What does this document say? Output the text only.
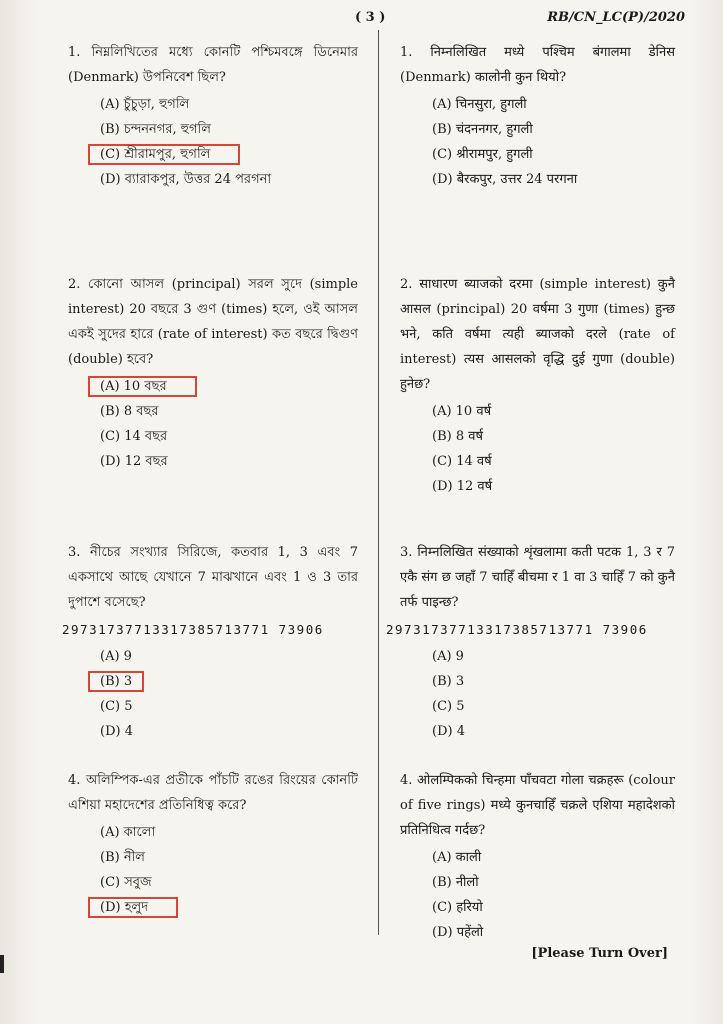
( 3 )	RB/CN_LC(P)/2020
1. নিম্নলিখিতের মধ্যে কোনটি পশ্চিমবঙ্গে ডিনেমার (Denmark) উপনিবেশ ছিল?
(A) চুঁচুড়া, হুগলি
(B) চন্দননগর, হুগলি
(C) শ্রীরামপুর, হুগলি
(D) ব্যারাকপুর, উত্তর 24 পরগনা
2. কোনো আসল (principal) সরল সুদে (simple interest) 20 বছরে 3 গুণ (times) হলে, ওই আসল একই সুদের হারে (rate of interest) কত বছরে দ্বিগুণ (double) হবে?
(A) 10 বছর
(B) 8 বছর
(C) 14 বছর
(D) 12 বছর
3. নীচের সংখ্যার সিরিজে, কতবার 1, 3 এবং 7 একসাথে আছে যেখানে 7 মাঝখানে এবং 1 ও 3 তার দুপাশে বসেছে?
29731737713317385713771 73906
(A) 9
(B) 3
(C) 5
(D) 4
4. অলিম্পিক-এর প্রতীকে পাঁচটি রঙের রিংয়ের কোনটি এশিয়া মহাদেশের প্রতিনিধিত্ব করে?
(A) কালো
(B) নীল
(C) সবুজ
(D) হলুদ
1. निम्नलिखित मध्ये पश्चिम बंगालमा डेनिस (Denmark) कालोनी कुन थियो?
(A) चिनसुरा, हुगली
(B) चंदननगर, हुगली
(C) श्रीरामपुर, हुगली
(D) बैरकपुर, उत्तर 24 परगना
2. साधारण ब्याजको दरमा (simple interest) कुनै आसल (principal) 20 वर्षमा 3 गुणा (times) हुन्छ भने, कति वर्षमा त्यही ब्याजको दरले (rate of interest) त्यस आसलको वृद्धि दुई गुणा (double) हुनेछ?
(A) 10 वर्ष
(B) 8 वर्ष
(C) 14 वर्ष
(D) 12 वर्ष
3. निम्नलिखित संख्याको शृंखलामा कती पटक 1, 3 र 7 एकै संग छ जहाँ 7 चाहिँ बीचमा र 1 वा 3 चाहिँ 7 को कुनै तर्फ पाइन्छ?
29731737713317385713771 73906
(A) 9
(B) 3
(C) 5
(D) 4
4. ओलम्पिकको चिन्हमा पाँचवटा गोला चक्रहरू (colour of five rings) मध्ये कुनचाहिँ चक्रले एशिया महादेशको प्रतिनिधित्व गर्दछ?
(A) काली
(B) नीलो
(C) हरियो
(D) पहेंलो
[Please Turn Over]
